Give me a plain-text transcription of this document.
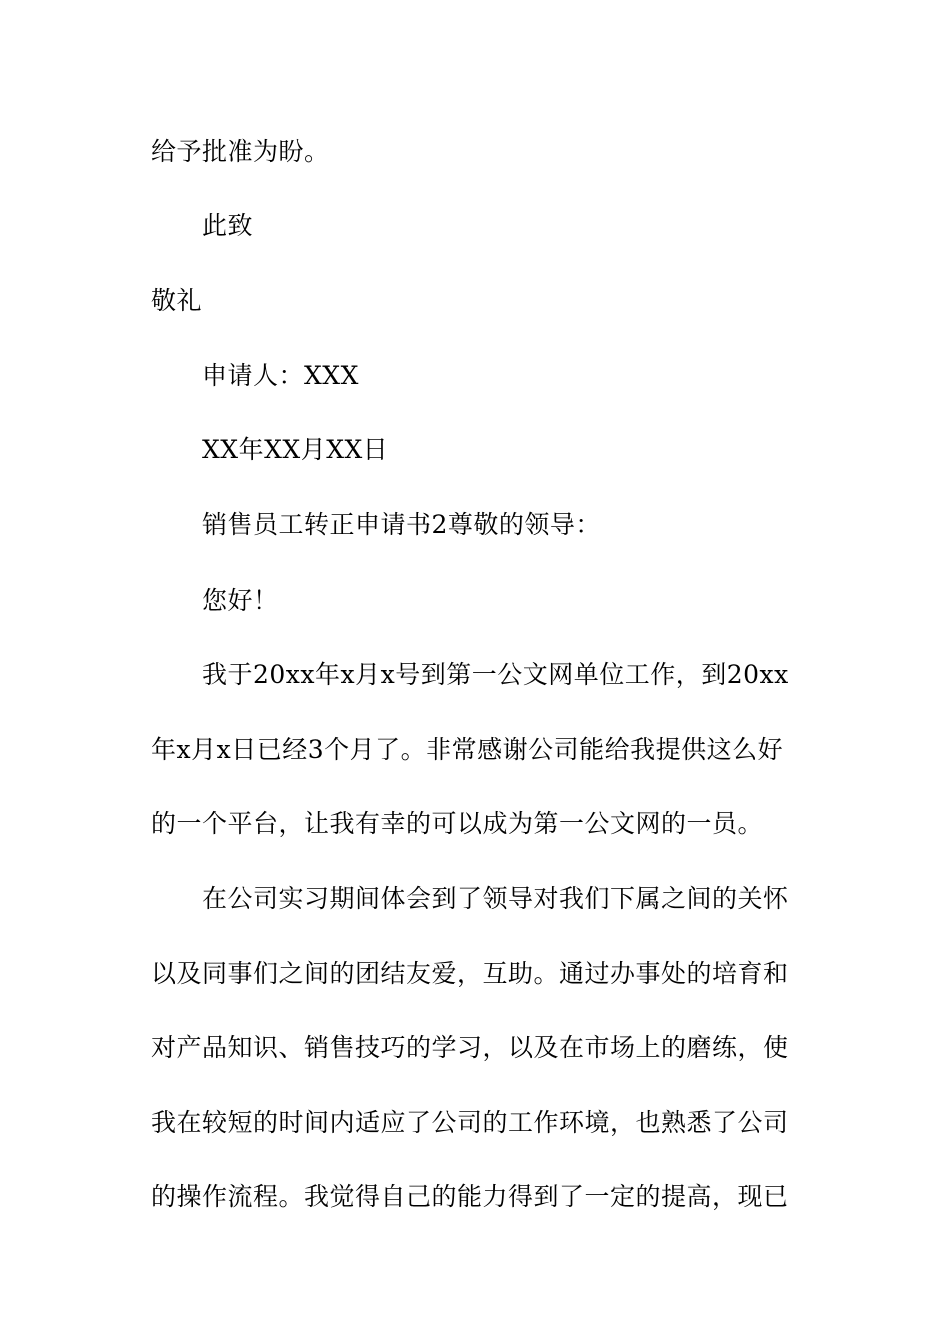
给予批准为盼。
此致
敬礼
申请人：XXX
XX年XX月XX日
销售员工转正申请书2尊敬的领导：
您好！
我于20xx年x月x号到第一公文网单位工作，到20xx
年x月x日已经3个月了。非常感谢公司能给我提供这么好
的一个平台，让我有幸的可以成为第一公文网的一员。
在公司实习期间体会到了领导对我们下属之间的关怀
以及同事们之间的团结友爱，互助。通过办事处的培育和
对产品知识、销售技巧的学习，以及在市场上的磨练，使
我在较短的时间内适应了公司的工作环境，也熟悉了公司
的操作流程。我觉得自己的能力得到了一定的提高，现已
